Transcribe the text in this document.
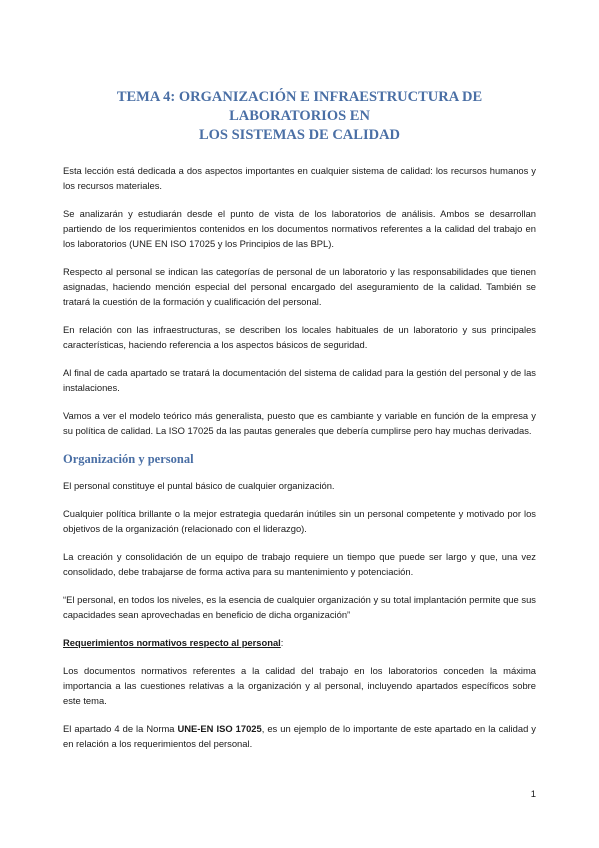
TEMA 4: ORGANIZACIÓN E INFRAESTRUCTURA DE LABORATORIOS EN
LOS SISTEMAS DE CALIDAD

Esta lección está dedicada a dos aspectos importantes en cualquier sistema de calidad: los recursos humanos y los recursos materiales.

Se analizarán y estudiarán desde el punto de vista de los laboratorios de análisis. Ambos se desarrollan partiendo de los requerimientos contenidos en los documentos normativos referentes a la calidad del trabajo en los laboratorios (UNE EN ISO 17025 y los Principios de las BPL).

Respecto al personal se indican las categorías de personal de un laboratorio y las responsabilidades que tienen asignadas, haciendo mención especial del personal encargado del aseguramiento de la calidad. También se tratará la cuestión de la formación y cualificación del personal.

En relación con las infraestructuras, se describen los locales habituales de un laboratorio y sus principales características, haciendo referencia a los aspectos básicos de seguridad.

Al final de cada apartado se tratará la documentación del sistema de calidad para la gestión del personal y de las instalaciones.

Vamos a ver el modelo teórico más generalista, puesto que es cambiante y variable en función de la empresa y su política de calidad. La ISO 17025 da las pautas generales que debería cumplirse pero hay muchas derivadas.

Organización y personal

El personal constituye el puntal básico de cualquier organización.

Cualquier política brillante o la mejor estrategia quedarán inútiles sin un personal competente y motivado por los objetivos de la organización (relacionado con el liderazgo).

La creación y consolidación de un equipo de trabajo requiere un tiempo que puede ser largo y que, una vez consolidado, debe trabajarse de forma activa para su mantenimiento y potenciación.

“El personal, en todos los niveles, es la esencia de cualquier organización y su total implantación permite que sus capacidades sean aprovechadas en beneficio de dicha organización”

Requerimientos normativos respecto al personal:

Los documentos normativos referentes a la calidad del trabajo en los laboratorios conceden la máxima importancia a las cuestiones relativas a la organización y al personal, incluyendo apartados específicos sobre este tema.

El apartado 4 de la Norma UNE-EN ISO 17025, es un ejemplo de lo importante de este apartado en la calidad y en relación a los requerimientos del personal.

1
